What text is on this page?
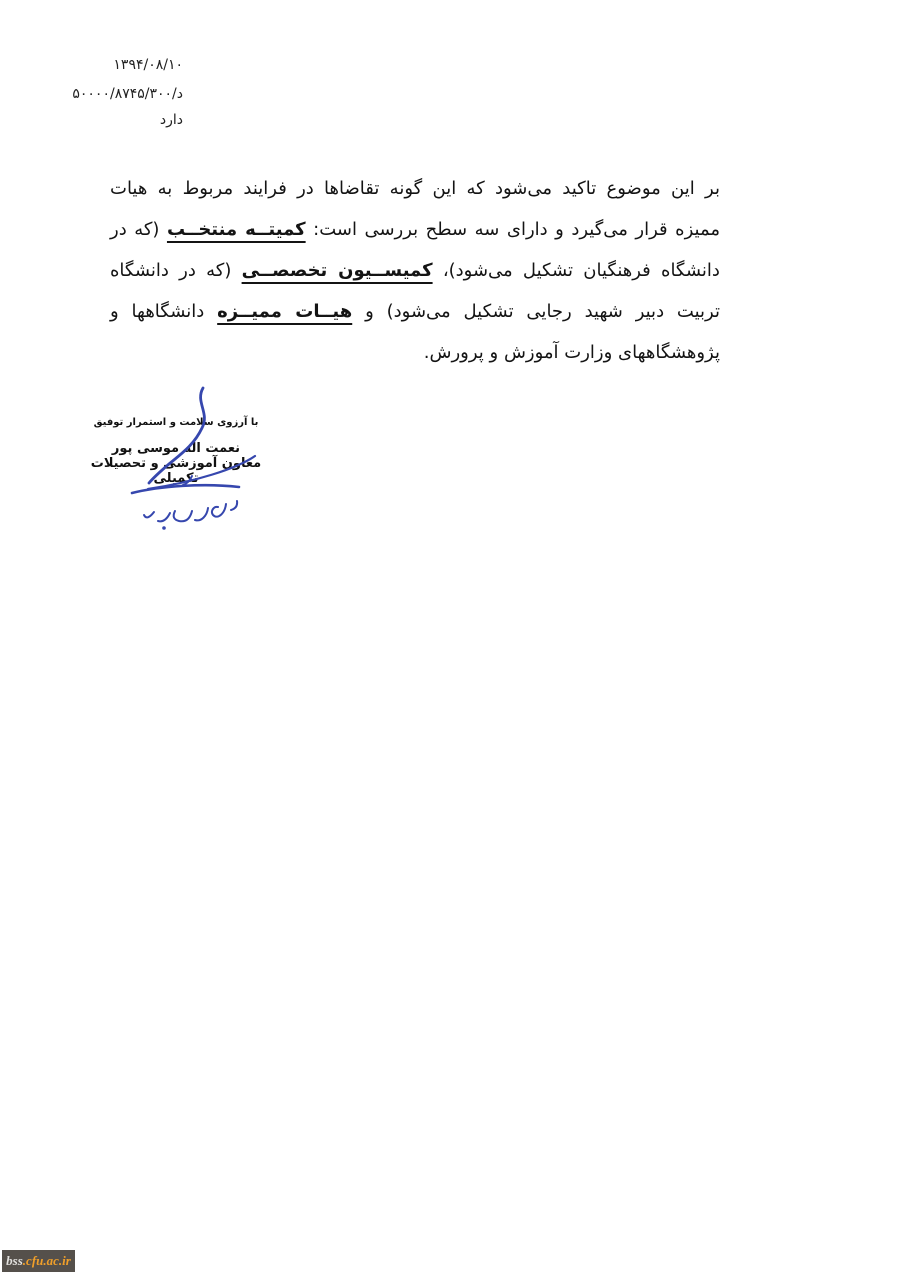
۱۳۹۴/۰۸/۱۰
د/۵۰۰۰۰/۸۷۴۵/۳۰۰
دارد
بر این موضوع تاکید می‌شود که این گونه تقاضاها در فرایند مربوط به هیات
ممیزه قرار می‌گیرد و دارای سه سطح بررسی است: کمیتــه منتخــب (که در
دانشگاه فرهنگیان تشکیل می‌شود)، کمیســیون تخصصــی (که در دانشگاه
تربیت دبیر شهید رجایی تشکیل می‌شود) و هیــات ممیــزه دانشگاهها و
پژوهشگاههای وزارت آموزش و پرورش.
با آرزوی سلامت و استمرار توفیق
نعمت اله موسی پور
معاون آموزشی و تحصیلات تکمیلی
bss .cfu.ac.ir
